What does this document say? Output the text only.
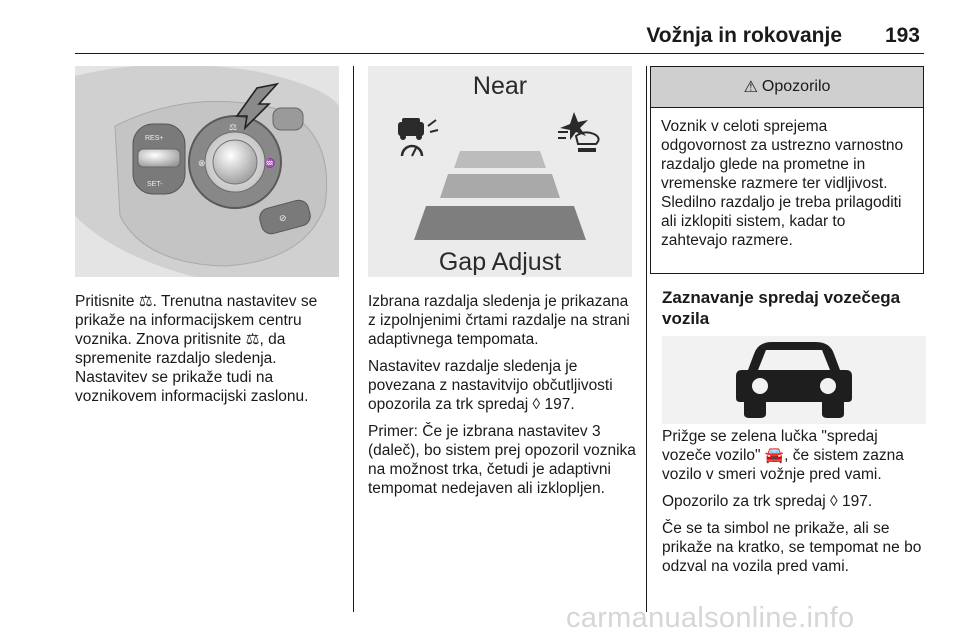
Vožnja in rokovanje 193
RES+
SET-
⚖
⊗	♒
⊘

Pritisnite ⚖. Trenutna nastavitev se prikaže na informacijskem centru voznika. Znova pritisnite ⚖, da spremenite razdaljo sledenja. Nastavitev se prikaže tudi na voznikovem informacijski zaslonu.

Near
Gap Adjust

Izbrana razdalja sledenja je prikazana z izpolnjenimi črtami razdalje na strani adaptivnega tempomata.

Nastavitev razdalje sledenja je povezana z nastavitvijo občutljivosti opozorila za trk spredaj ◊ 197.

Primer: Če je izbrana nastavitev 3 (daleč), bo sistem prej opozoril voznika na možnost trka, četudi je adaptivni tempomat nedejaven ali izklopljen.

⚠ Opozorilo
Voznik v celoti sprejema odgovornost za ustrezno varnostno razdaljo glede na prometne in vremenske razmere ter vidljivost. Sledilno razdaljo je treba prilagoditi ali izklopiti sistem, kadar to zahtevajo razmere.
Zaznavanje spredaj vozečega vozila

Prižge se zelena lučka "spredaj vozeče vozilo" 🚘, če sistem zazna vozilo v smeri vožnje pred vami.

Opozorilo za trk spredaj ◊ 197.

Če se ta simbol ne prikaže, ali se prikaže na kratko, se tempomat ne bo odzval na vozila pred vami.

carmanualsonline.info
